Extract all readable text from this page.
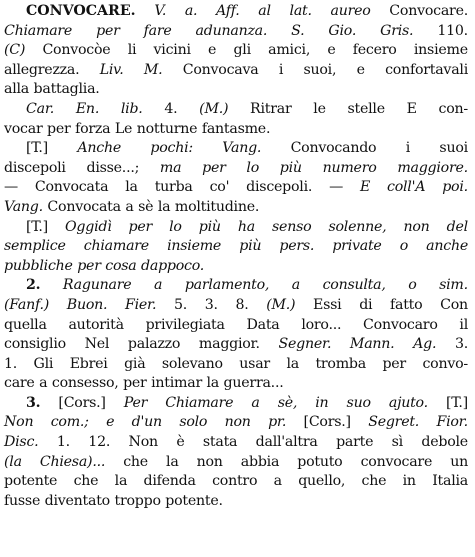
CONVOCARE. V. a. Aff. al lat. aureo Convocare.
Chiamare per fare adunanza. S. Gio. Gris. 110.
(C) Convocòe li vicini e gli amici, e fecero insieme
allegrezza. Liv. M. Convocava i suoi, e confortavali
alla battaglia.
Car. En. lib. 4. (M.) Ritrar le stelle E con-
vocar per forza Le notturne fantasme.
[T.] Anche pochi: Vang. Convocando i suoi
discepoli disse...; ma per lo più numero maggiore.
— Convocata la turba co' discepoli. — E coll'A poi.
Vang. Convocata a sè la moltitudine.
[T.] Oggidì per lo più ha senso solenne, non del
semplice chiamare insieme più pers. private o anche
pubbliche per cosa dappoco.
2. Ragunare a parlamento, a consulta, o sim.
(Fanf.) Buon. Fier. 5. 3. 8. (M.) Essi di fatto Con
quella autorità privilegiata Data loro... Convocaro il
consiglio Nel palazzo maggior. Segner. Mann. Ag. 3.
1. Gli Ebrei già solevano usar la tromba per convo-
care a consesso, per intimar la guerra...
3. [Cors.] Per Chiamare a sè, in suo ajuto. [T.]
Non com.; e d'un solo non pr. [Cors.] Segret. Fior.
Disc. 1. 12. Non è stata dall'altra parte sì debole
(la Chiesa)... che la non abbia potuto convocare un
potente che la difenda contro a quello, che in Italia
fusse diventato troppo potente.
